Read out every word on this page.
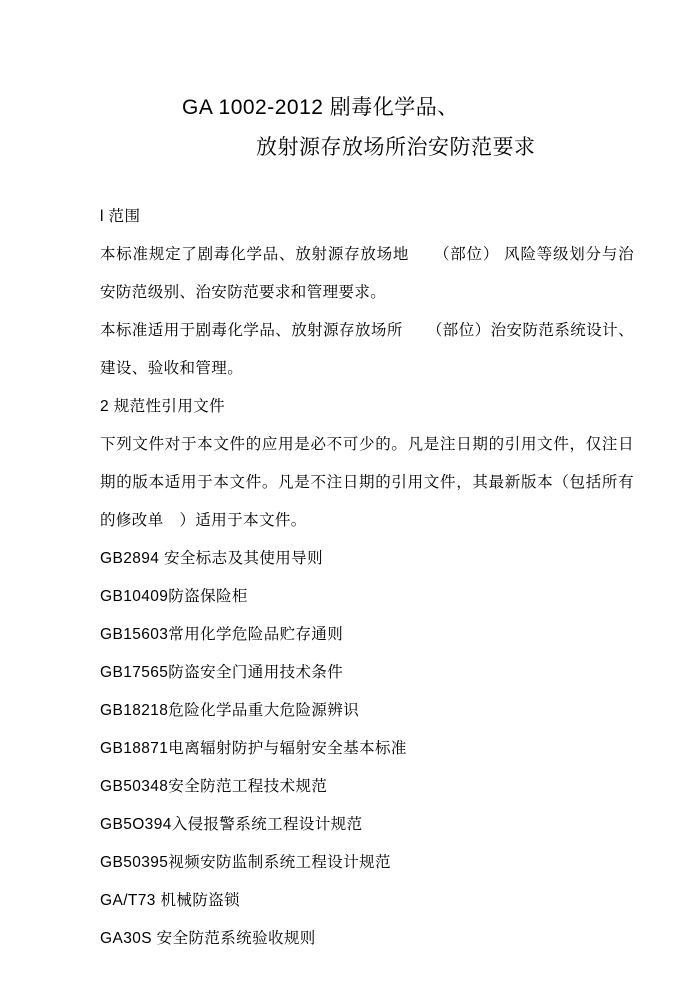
GA 1002-2012 剧毒化学品、
放射源存放场所治安防范要求

l 范围

本标准规定了剧毒化学品、放射源存放场地　　（部位） 风险等级划分与治安防范级别、治安防范要求和管理要求。

本标准适用于剧毒化学品、放射源存放场所　　（部位）治安防范系统设计、建设、验收和管理。

2 规范性引用文件

下列文件对于本文件的应用是必不可少的。凡是注日期的引用文件，仅注日期的版本适用于本文件。凡是不注日期的引用文件，其最新版本（包括所有的修改单　）适用于本文件。

GB2894 安全标志及其使用导则

GB10409防盗保险柜

GB15603常用化学危险品贮存通则

GB17565防盗安全门通用技术条件

GB18218危险化学品重大危险源辨识

GB18871电离辐射防护与辐射安全基本标准

GB50348安全防范工程技术规范

GB5O394入侵报警系统工程设计规范

GB50395视频安防监制系统工程设计规范

GA/T73 机械防盗锁

GA30S 安全防范系统验收规则
